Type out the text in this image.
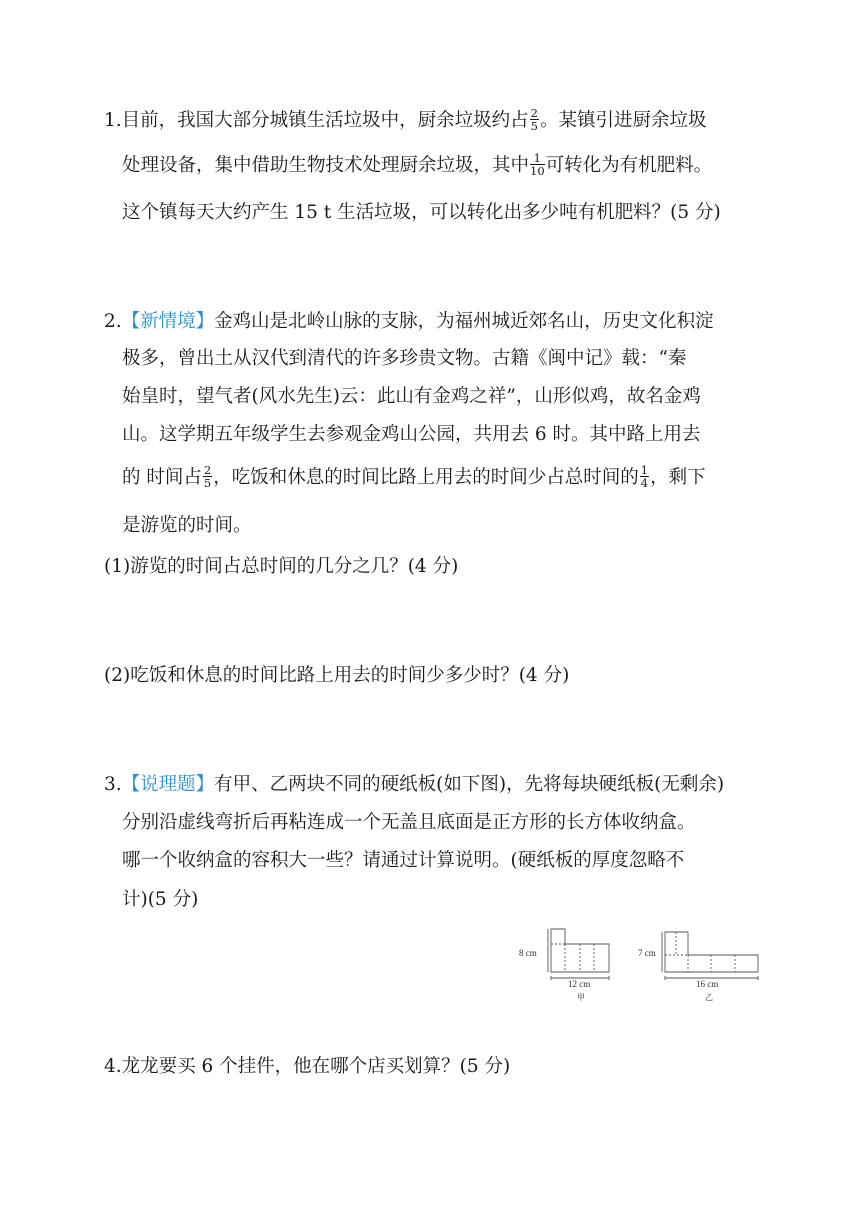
1.目前，我国大部分城镇生活垃圾中，厨余垃圾约占 $\frac{2}{5}$ 。某镇引进厨余垃圾
处理设备，集中借助生物技术处理厨余垃圾，其中 $\frac{1}{10}$ 可转化为有机肥料。
这个镇每天大约产生 15 t 生活垃圾，可以转化出多少吨有机肥料？(5 分)
2.【新情境】金鸡山是北岭山脉的支脉，为福州城近郊名山，历史文化积淀
极多，曾出土从汉代到清代的许多珍贵文物。古籍《闽中记》载：“秦
始皇时，望气者(风水先生)云：此山有金鸡之祥”，山形似鸡，故名金鸡
山。这学期五年级学生去参观金鸡山公园，共用去 6 时。其中路上用去
的 时间占 $\frac{2}{5}$ ，吃饭和休息的时间比路上用去的时间少占总时间的 $\frac{1}{4}$ ，剩下
是游览的时间。
(1)游览的时间占总时间的几分之几？(4 分)
(2)吃饭和休息的时间比路上用去的时间少多少时？(4 分)
3.【说理题】有甲、乙两块不同的硬纸板(如下图)，先将每块硬纸板(无剩余)
分别沿虚线弯折后再粘连成一个无盖且底面是正方形的长方体收纳盒。
哪一个收纳盒的容积大一些？请通过计算说明。(硬纸板的厚度忽略不
计)(5 分)
8 cm
12 cm
甲
7 cm
16 cm
乙
4.龙龙要买 6 个挂件，他在哪个店买划算？(5 分)
